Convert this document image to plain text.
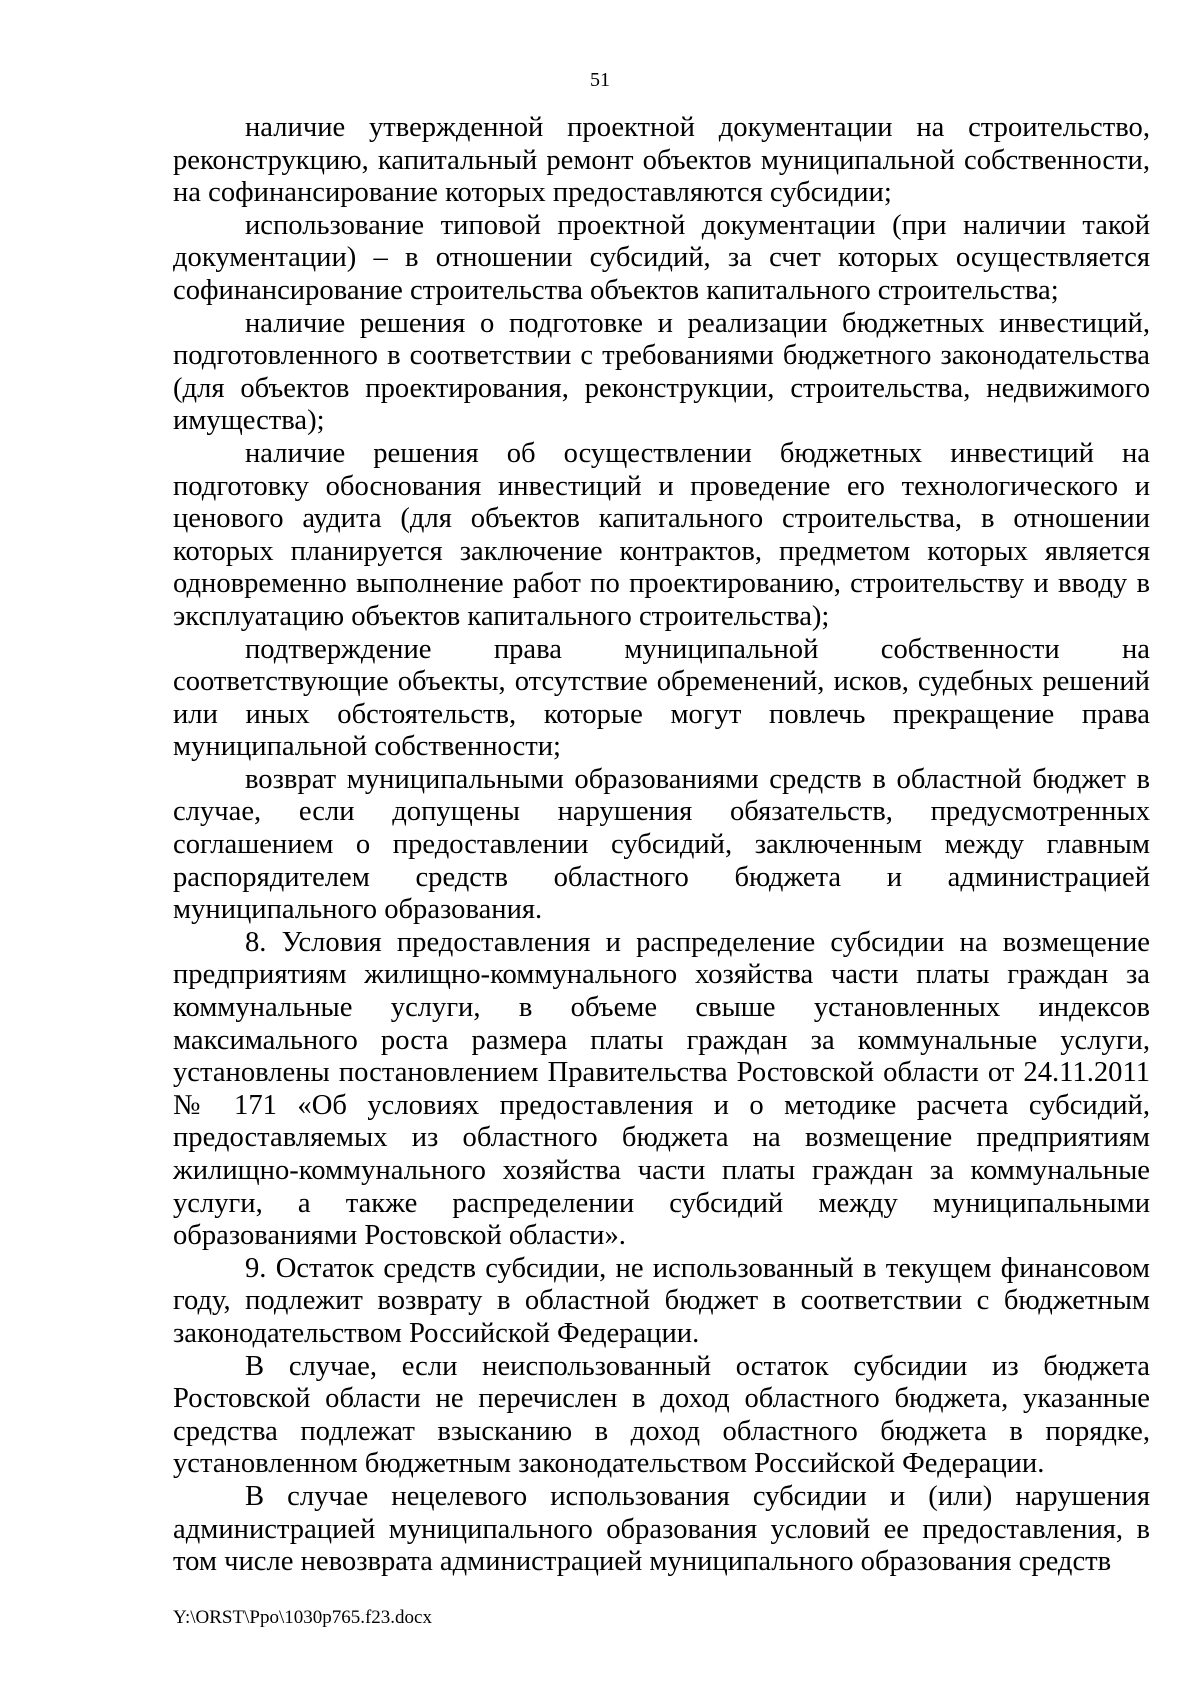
51

наличие утвержденной проектной документации на строительство, реконструкцию, капитальный ремонт объектов муниципальной собственности, на софинансирование которых предоставляются субсидии;

использование типовой проектной документации (при наличии такой документации) – в отношении субсидий, за счет которых осуществляется софинансирование строительства объектов капитального строительства;

наличие решения о подготовке и реализации бюджетных инвестиций, подготовленного в соответствии с требованиями бюджетного законодательства (для объектов проектирования, реконструкции, строительства, недвижимого имущества);

наличие решения об осуществлении бюджетных инвестиций на подготовку обоснования инвестиций и проведение его технологического и ценового аудита (для объектов капитального строительства, в отношении которых планируется заключение контрактов, предметом которых является одновременно выполнение работ по проектированию, строительству и вводу в эксплуатацию объектов капитального строительства);

подтверждение права муниципальной собственности на соответствующие объекты, отсутствие обременений, исков, судебных решений или иных обстоятельств, которые могут повлечь прекращение права муниципальной собственности;

возврат муниципальными образованиями средств в областной бюджет в случае, если допущены нарушения обязательств, предусмотренных соглашением о предоставлении субсидий, заключенным между главным распорядителем средств областного бюджета и администрацией муниципального образования.

8. Условия предоставления и распределение субсидии на возмещение предприятиям жилищно-коммунального хозяйства части платы граждан за коммунальные услуги, в объеме свыше установленных индексов максимального роста размера платы граждан за коммунальные услуги, установлены постановлением Правительства Ростовской области от 24.11.2011 № 171 «Об условиях предоставления и о методике расчета субсидий, предоставляемых из областного бюджета на возмещение предприятиям жилищно-коммунального хозяйства части платы граждан за коммунальные услуги, а также распределении субсидий между муниципальными образованиями Ростовской области».

9. Остаток средств субсидии, не использованный в текущем финансовом году, подлежит возврату в областной бюджет в соответствии с бюджетным законодательством Российской Федерации.

В случае, если неиспользованный остаток субсидии из бюджета Ростовской области не перечислен в доход областного бюджета, указанные средства подлежат взысканию в доход областного бюджета в порядке, установленном бюджетным законодательством Российской Федерации.

В случае нецелевого использования субсидии и (или) нарушения администрацией муниципального образования условий ее предоставления, в том числе невозврата администрацией муниципального образования средств

Y:\ORST\Ppo\1030p765.f23.docx
